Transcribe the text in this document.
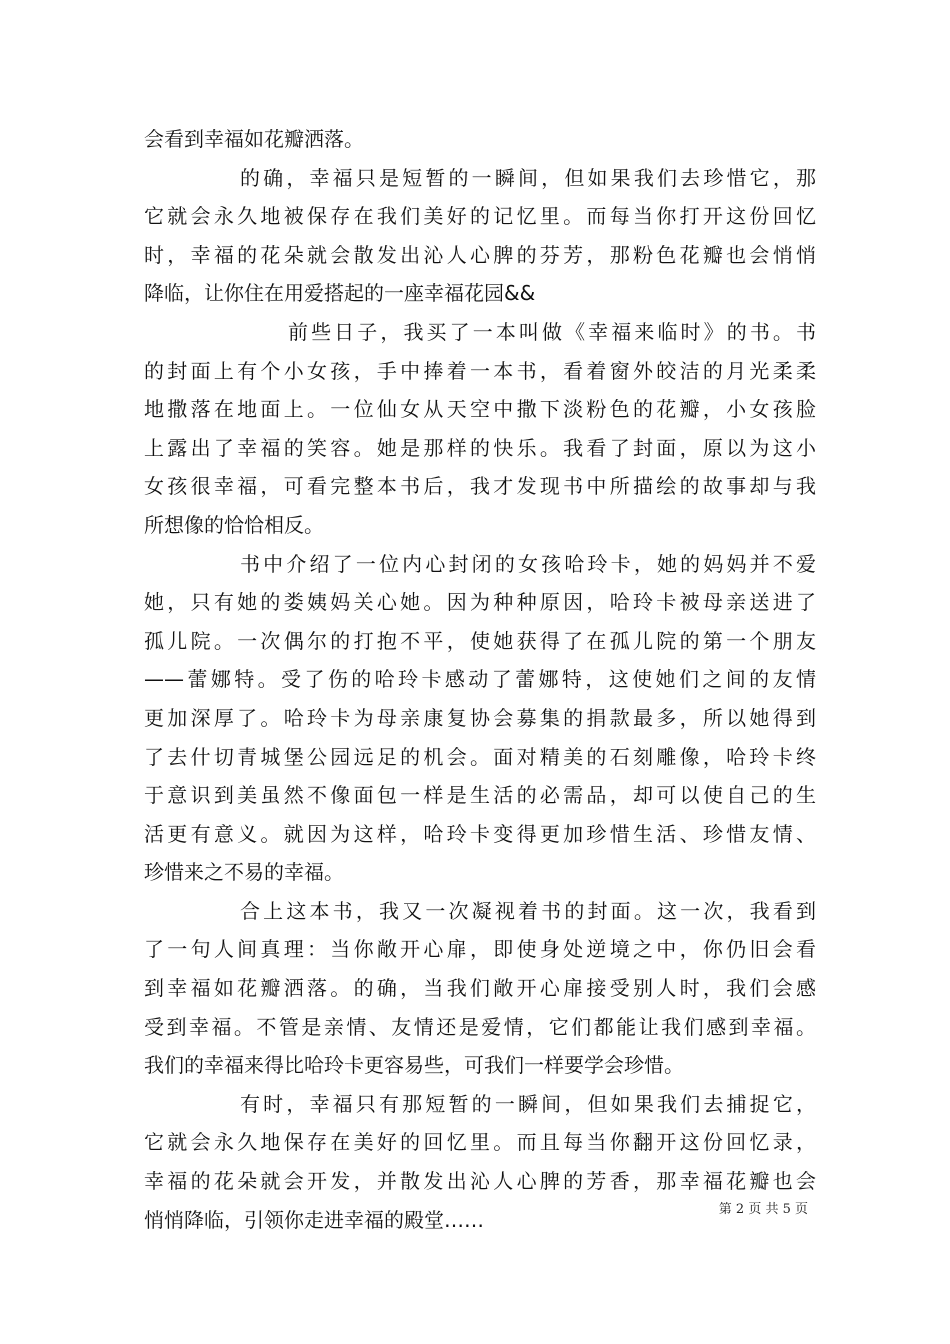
会看到幸福如花瓣洒落。
的确，幸福只是短暂的一瞬间，但如果我们去珍惜它，那
它就会永久地被保存在我们美好的记忆里。而每当你打开这份回忆
时，幸福的花朵就会散发出沁人心脾的芬芳，那粉色花瓣也会悄悄
降临，让你住在用爱搭起的一座幸福花园&&
前些日子，我买了一本叫做《幸福来临时》的书。书
的封面上有个小女孩，手中捧着一本书，看着窗外皎洁的月光柔柔
地撒落在地面上。一位仙女从天空中撒下淡粉色的花瓣，小女孩脸
上露出了幸福的笑容。她是那样的快乐。我看了封面，原以为这小
女孩很幸福，可看完整本书后，我才发现书中所描绘的故事却与我
所想像的恰恰相反。
书中介绍了一位内心封闭的女孩哈玲卡，她的妈妈并不爱
她，只有她的娄姨妈关心她。因为种种原因，哈玲卡被母亲送进了
孤儿院。一次偶尔的打抱不平，使她获得了在孤儿院的第一个朋友
——蕾娜特。受了伤的哈玲卡感动了蕾娜特，这使她们之间的友情
更加深厚了。哈玲卡为母亲康复协会募集的捐款最多，所以她得到
了去什切青城堡公园远足的机会。面对精美的石刻雕像，哈玲卡终
于意识到美虽然不像面包一样是生活的必需品，却可以使自己的生
活更有意义。就因为这样，哈玲卡变得更加珍惜生活、珍惜友情、
珍惜来之不易的幸福。
合上这本书，我又一次凝视着书的封面。这一次，我看到
了一句人间真理：当你敞开心扉，即使身处逆境之中，你仍旧会看
到幸福如花瓣洒落。的确，当我们敞开心扉接受别人时，我们会感
受到幸福。不管是亲情、友情还是爱情，它们都能让我们感到幸福。
我们的幸福来得比哈玲卡更容易些，可我们一样要学会珍惜。
有时，幸福只有那短暂的一瞬间，但如果我们去捕捉它，
它就会永久地保存在美好的回忆里。而且每当你翻开这份回忆录，
幸福的花朵就会开发，并散发出沁人心脾的芳香，那幸福花瓣也会
悄悄降临，引领你走进幸福的殿堂……	第 2 页 共 5 页
